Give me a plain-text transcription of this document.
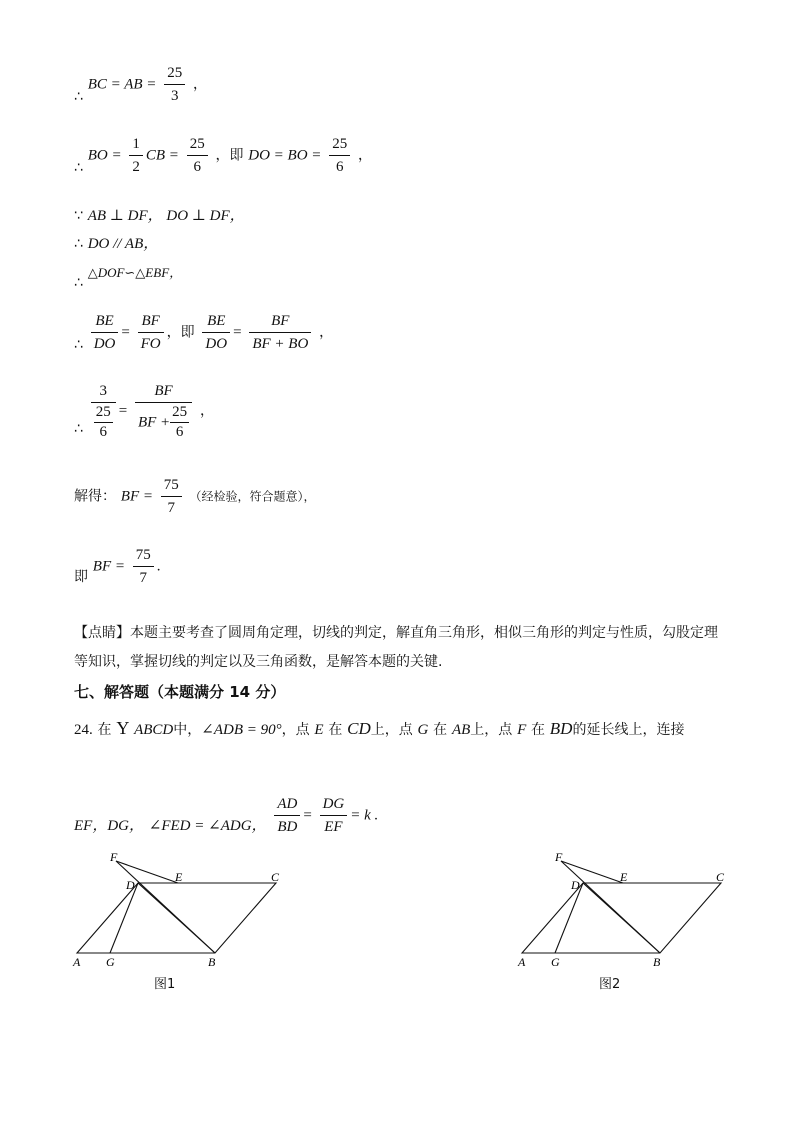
∴ BC = AB = $\frac{25}{3}$ ，
∴ BO = $\frac{1}{2}$ CB = $\frac{25}{6}$ ，即 DO = BO = $\frac{25}{6}$ ，
∵ AB ⊥ DF， DO ⊥ DF，
∴ DO // AB，
∴ △DOF∽△EBF，
∴ $\frac{BE}{DO} = \frac{BF}{FO}$ ，即 $\frac{BE}{DO} = \frac{BF}{BF + BO}$ ，
∴ 3
25
$6 = \frac{BF}{BF + \frac{25}{6}}$ ，
解得： BF = $\frac{75}{7}$ （经检验，符合题意），
即 BF = $\frac{75}{7}$ .
【点睛】本题主要考查了圆周角定理，切线的判定，解直角三角形，相似三角形的判定与性质，勾股定理
等知识，掌握切线的判定以及三角函数，是解答本题的关键.
七、解答题（本题满分 14 分）
24. 在 Y ABCD中，∠ADB = 90°，点 E 在 CD上，点 G 在 AB上，点 F 在 BD的延长线上，连接
EF，DG， ∠FED = ∠ADG， $\frac{AD}{BD} = \frac{DG}{EF} = k$ .
F
D
E	C
A G	B
图1
F
D
E	C
A G	B
图2
